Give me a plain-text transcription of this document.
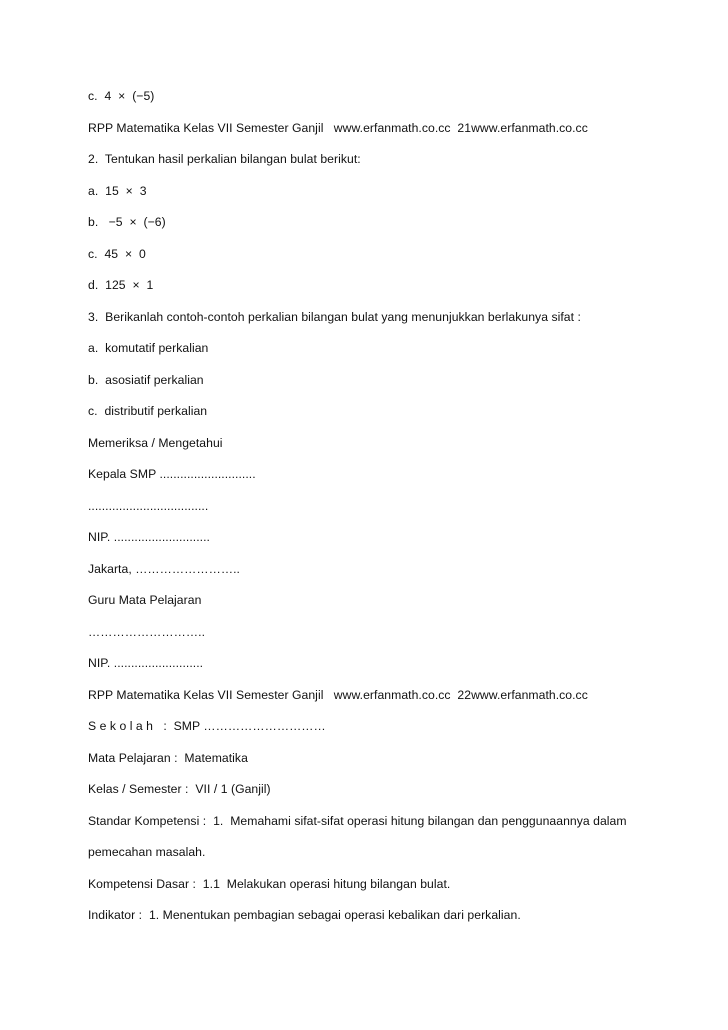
c.  4  ×  (−5)
RPP Matematika Kelas VII Semester Ganjil   www.erfanmath.co.cc  21www.erfanmath.co.cc
2.  Tentukan hasil perkalian bilangan bulat berikut:
a.  15  ×  3
b.   −5  ×  (−6)
c.  45  ×  0
d.  125  ×  1
3.  Berikanlah contoh-contoh perkalian bilangan bulat yang menunjukkan berlakunya sifat :
a.  komutatif perkalian
b.  asosiatif perkalian
c.  distributif perkalian
Memeriksa / Mengetahui
Kepala SMP ............................
...................................
NIP. ............................
Jakarta, ……………………..
Guru Mata Pelajaran
………………………..
NIP. ..........................
RPP Matematika Kelas VII Semester Ganjil   www.erfanmath.co.cc  22www.erfanmath.co.cc
S e k o l a h   :  SMP …………………………
Mata Pelajaran :  Matematika
Kelas / Semester :  VII / 1 (Ganjil)
Standar Kompetensi :  1.  Memahami sifat-sifat operasi hitung bilangan dan penggunaannya dalam
pemecahan masalah.
Kompetensi Dasar :  1.1  Melakukan operasi hitung bilangan bulat.
Indikator :  1. Menentukan pembagian sebagai operasi kebalikan dari perkalian.
